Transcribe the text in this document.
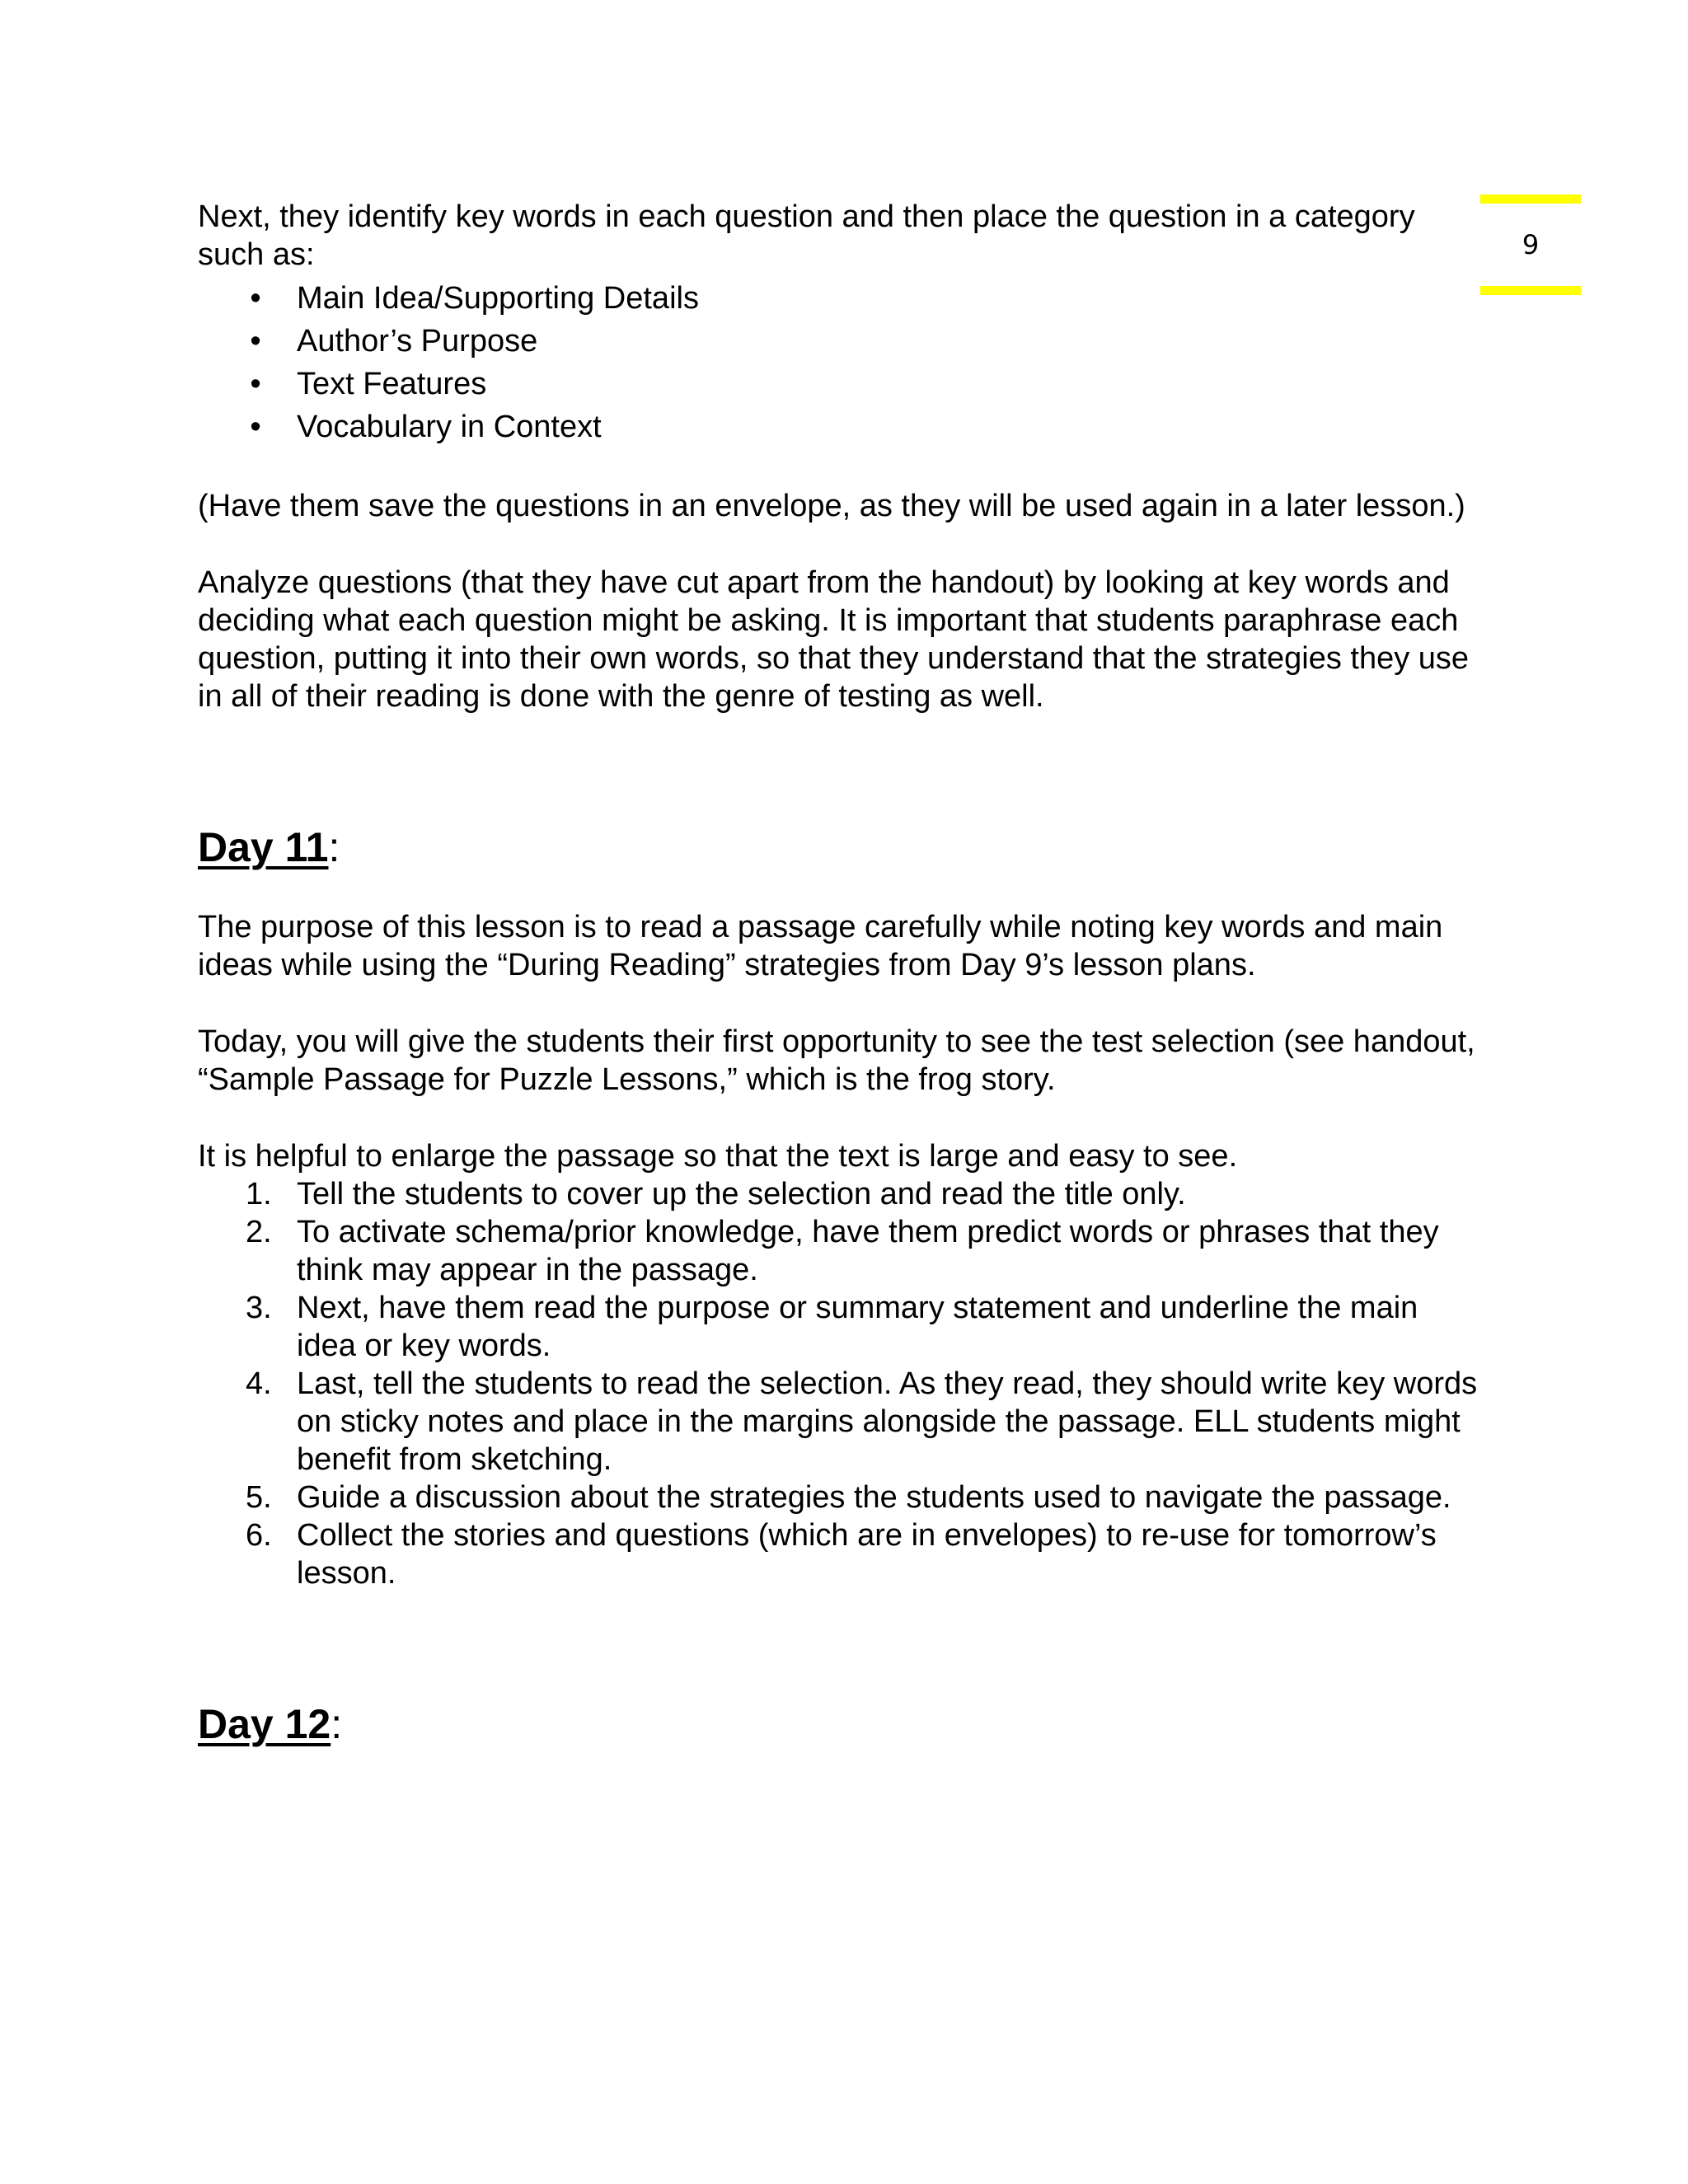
9

Next, they identify key words in each question and then place the question in a category such as:

• Main Idea/Supporting Details
• Author’s Purpose
• Text Features
• Vocabulary in Context

(Have them save the questions in an envelope, as they will be used again in a later lesson.)

Analyze questions (that they have cut apart from the handout) by looking at key words and deciding what each question might be asking. It is important that students paraphrase each question, putting it into their own words, so that they understand that the strategies they use in all of their reading is done with the genre of testing as well.

Day 11:

The purpose of this lesson is to read a passage carefully while noting key words and main ideas while using the “During Reading” strategies from Day 9’s lesson plans.

Today, you will give the students their first opportunity to see the test selection (see handout, “Sample Passage for Puzzle Lessons,” which is the frog story.

It is helpful to enlarge the passage so that the text is large and easy to see.

1. Tell the students to cover up the selection and read the title only.
2. To activate schema/prior knowledge, have them predict words or phrases that they think may appear in the passage.
3. Next, have them read the purpose or summary statement and underline the main idea or key words.
4. Last, tell the students to read the selection. As they read, they should write key words on sticky notes and place in the margins alongside the passage. ELL students might benefit from sketching.
5. Guide a discussion about the strategies the students used to navigate the passage.
6. Collect the stories and questions (which are in envelopes) to re-use for tomorrow’s lesson.
Day 12:
